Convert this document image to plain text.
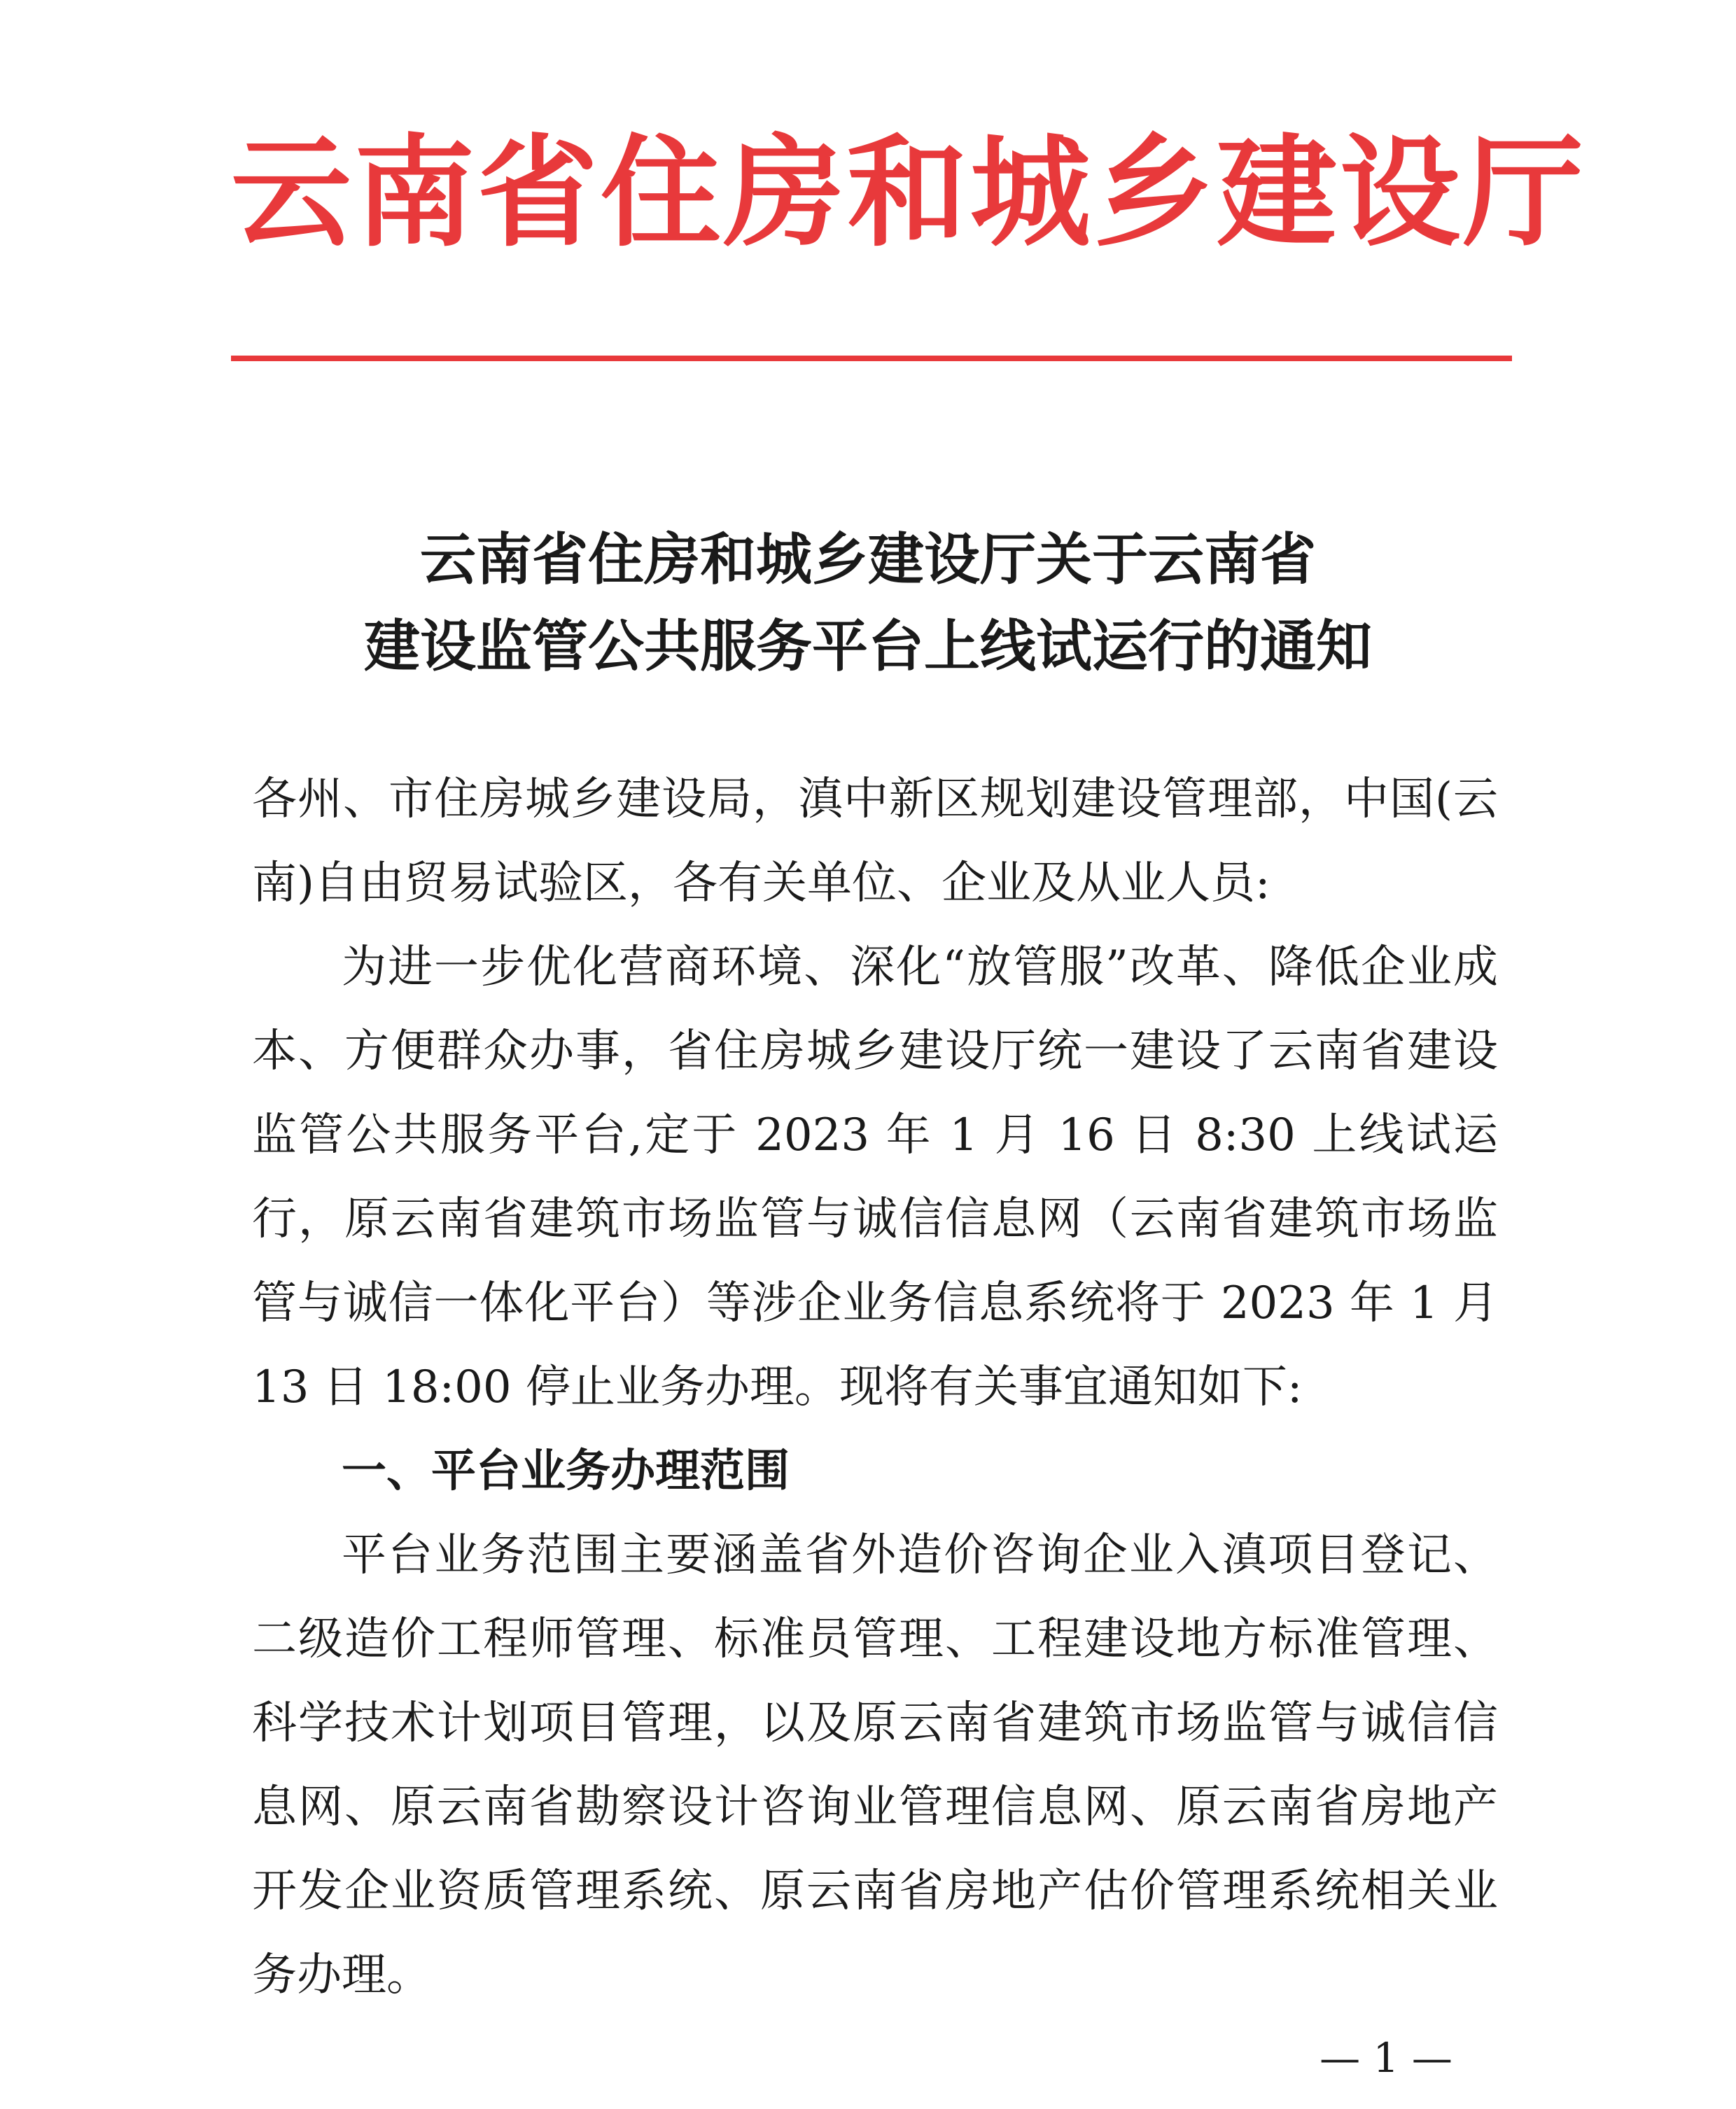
云南省住房和城乡建设厅
云南省住房和城乡建设厅关于云南省
建设监管公共服务平台上线试运行的通知

各州、市住房城乡建设局，滇中新区规划建设管理部，中国(云南)自由贸易试验区，各有关单位、企业及从业人员:

为进一步优化营商环境、深化“放管服”改革、降低企业成本、方便群众办事，省住房城乡建设厅统一建设了云南省建设监管公共服务平台,定于 2023 年 1 月 16 日 8:30 上线试运行，原云南省建筑市场监管与诚信信息网（云南省建筑市场监管与诚信一体化平台）等涉企业务信息系统将于 2023 年 1 月 13 日 18:00 停止业务办理。现将有关事宜通知如下:

一、平台业务办理范围

平台业务范围主要涵盖省外造价咨询企业入滇项目登记、二级造价工程师管理、标准员管理、工程建设地方标准管理、科学技术计划项目管理，以及原云南省建筑市场监管与诚信信息网、原云南省勘察设计咨询业管理信息网、原云南省房地产开发企业资质管理系统、原云南省房地产估价管理系统相关业务办理。

— 1 —
